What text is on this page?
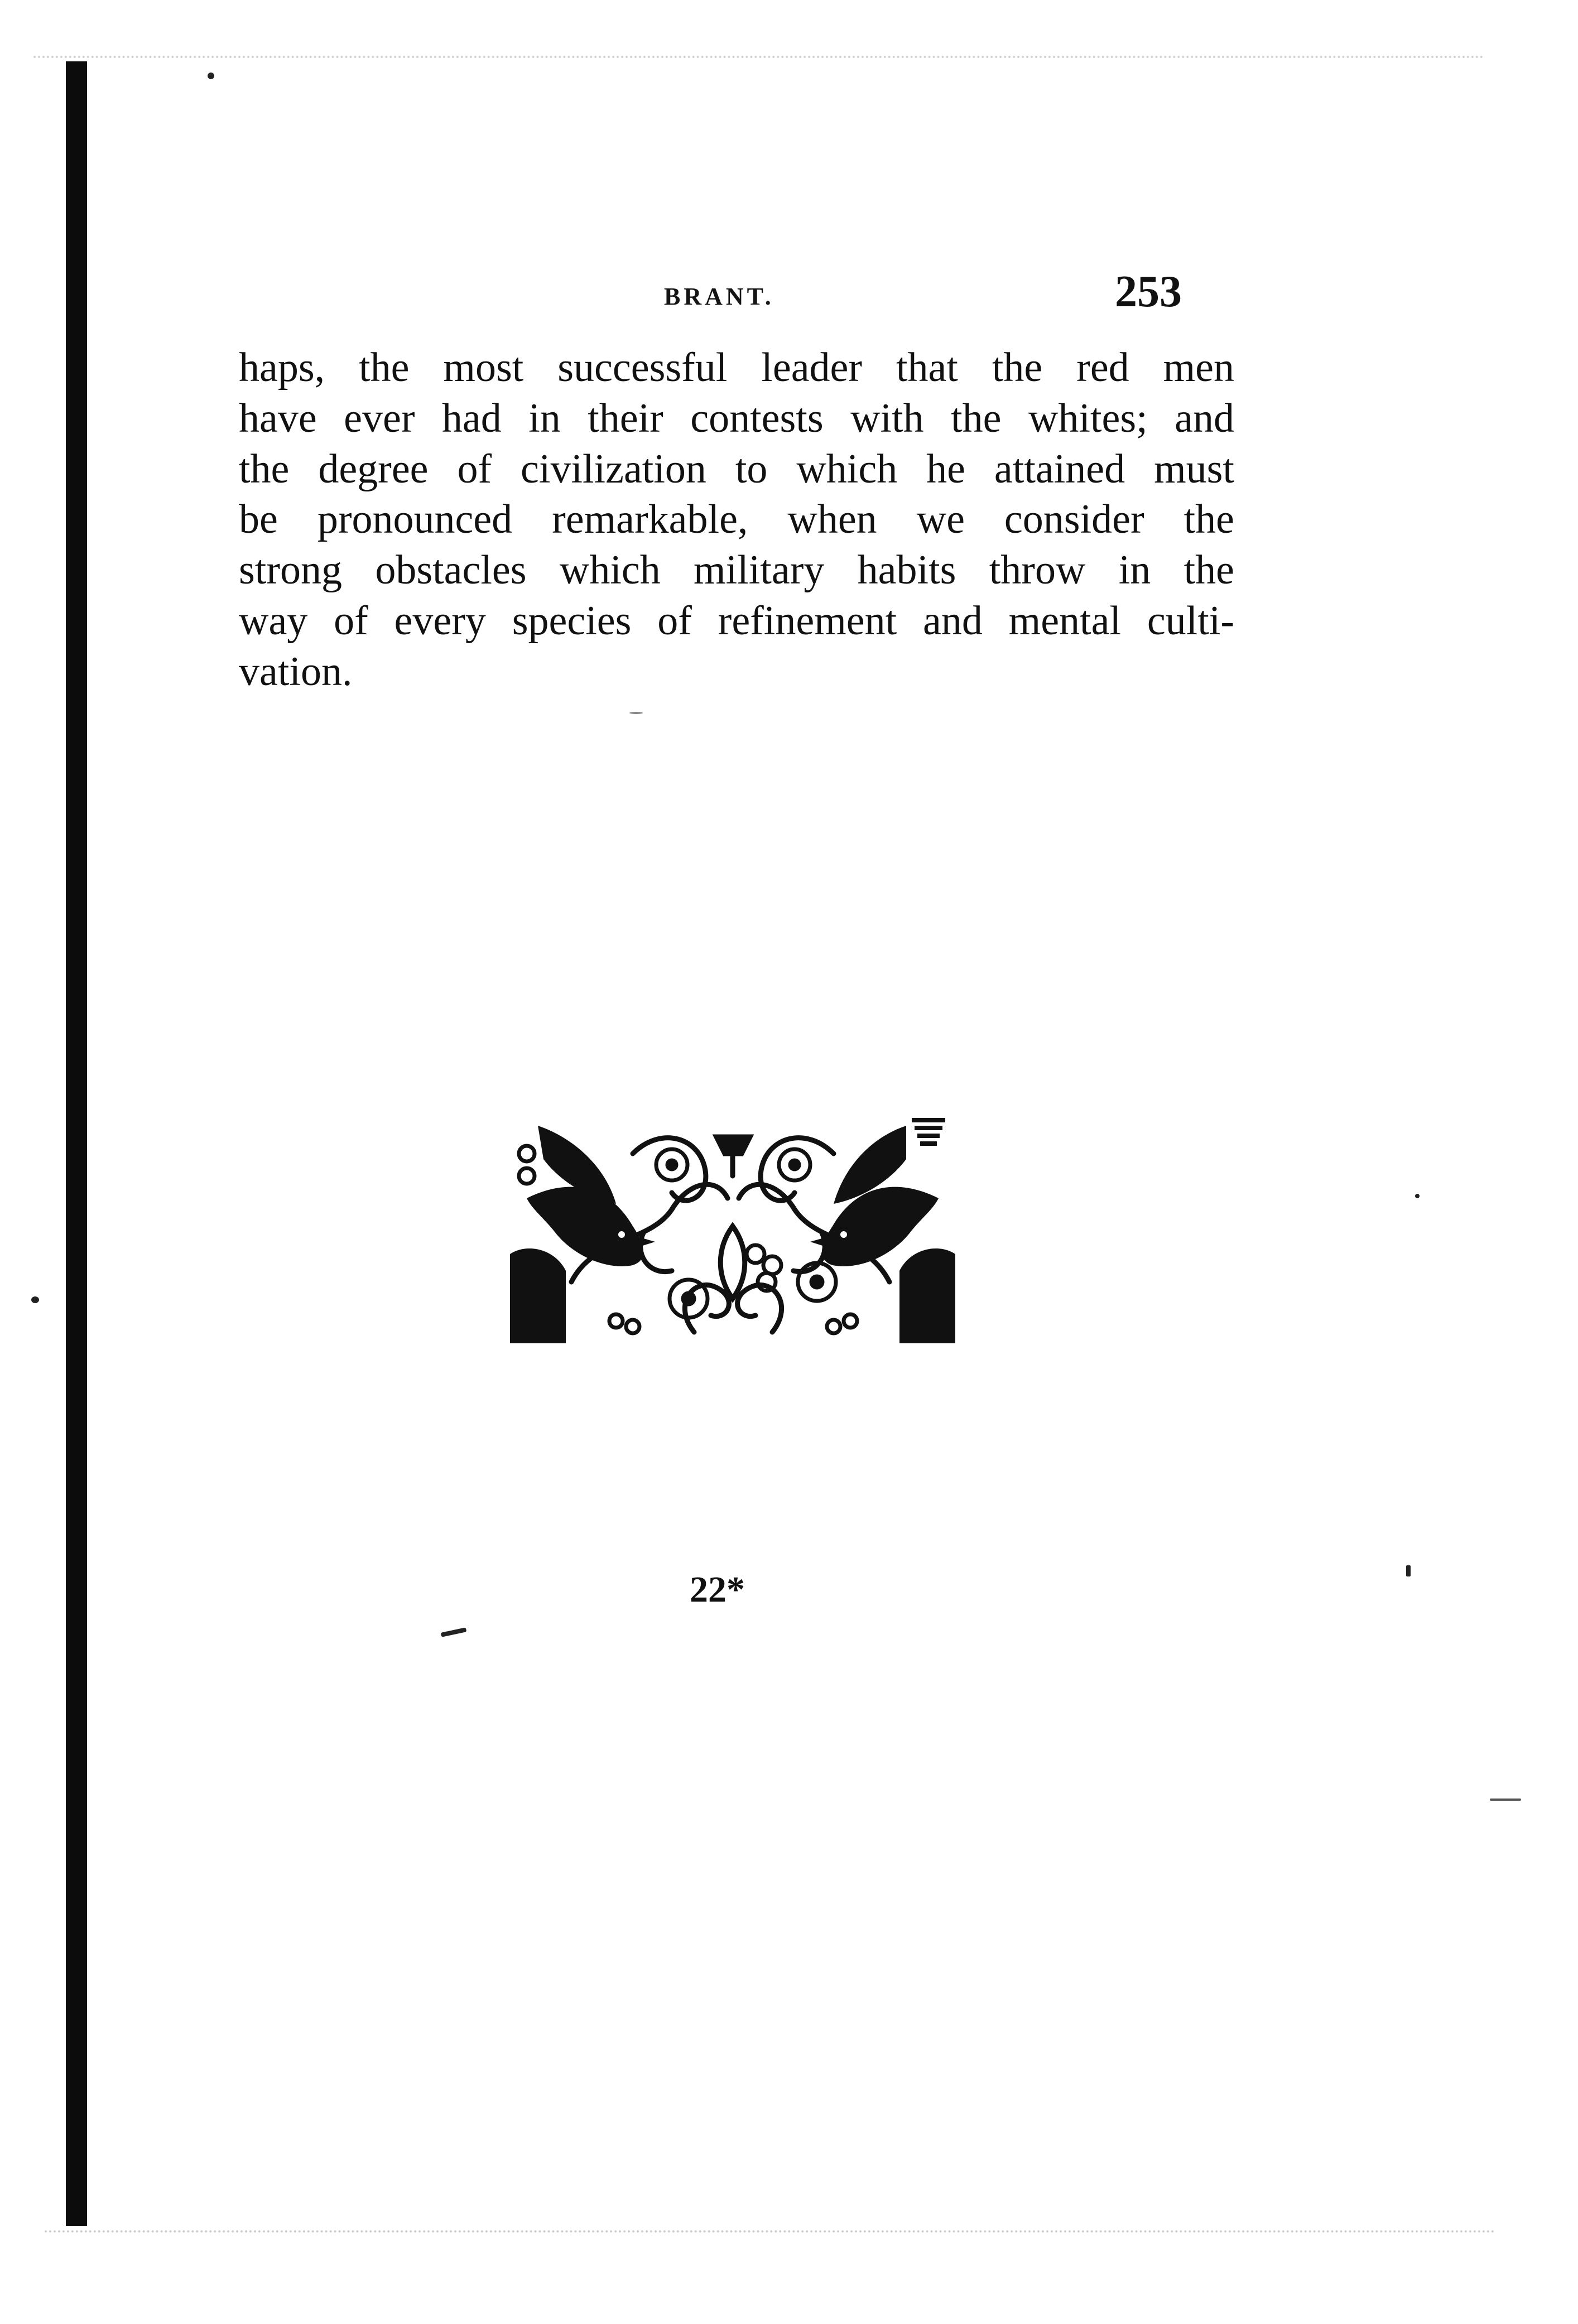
BRANT.	253
haps, the most successful leader that the red men
have ever had in their contests with the whites; and
the degree of civilization to which he attained must
be pronounced remarkable, when we consider the
strong obstacles which military habits throw in the
way of every species of refinement and mental culti-
vation.
22*
